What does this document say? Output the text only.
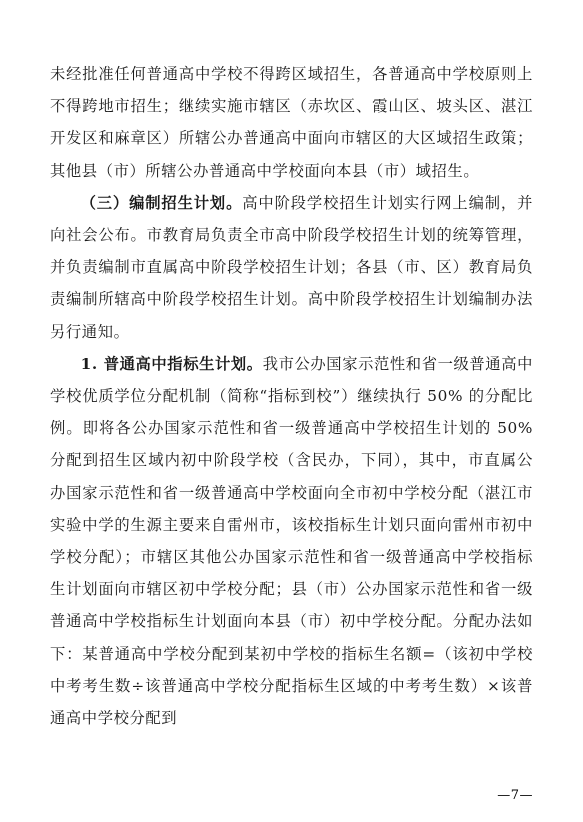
未经批准任何普通高中学校不得跨区域招生，各普通高中学校原则上不得跨地市招生；继续实施市辖区（赤坎区、霞山区、坡头区、湛江开发区和麻章区）所辖公办普通高中面向市辖区的大区域招生政策；其他县（市）所辖公办普通高中学校面向本县（市）域招生。

（三）编制招生计划。高中阶段学校招生计划实行网上编制，并向社会公布。市教育局负责全市高中阶段学校招生计划的统筹管理，并负责编制市直属高中阶段学校招生计划；各县（市、区）教育局负责编制所辖高中阶段学校招生计划。高中阶段学校招生计划编制办法另行通知。

1. 普通高中指标生计划。我市公办国家示范性和省一级普通高中学校优质学位分配机制（简称“指标到校”）继续执行 50% 的分配比例。即将各公办国家示范性和省一级普通高中学校招生计划的 50%分配到招生区域内初中阶段学校（含民办，下同），其中，市直属公办国家示范性和省一级普通高中学校面向全市初中学校分配（湛江市实验中学的生源主要来自雷州市，该校指标生计划只面向雷州市初中学校分配）；市辖区其他公办国家示范性和省一级普通高中学校指标生计划面向市辖区初中学校分配；县（市）公办国家示范性和省一级普通高中学校指标生计划面向本县（市）初中学校分配。分配办法如下：某普通高中学校分配到某初中学校的指标生名额=（该初中学校中考考生数÷该普通高中学校分配指标生区域的中考考生数）×该普通高中学校分配到

—7—
